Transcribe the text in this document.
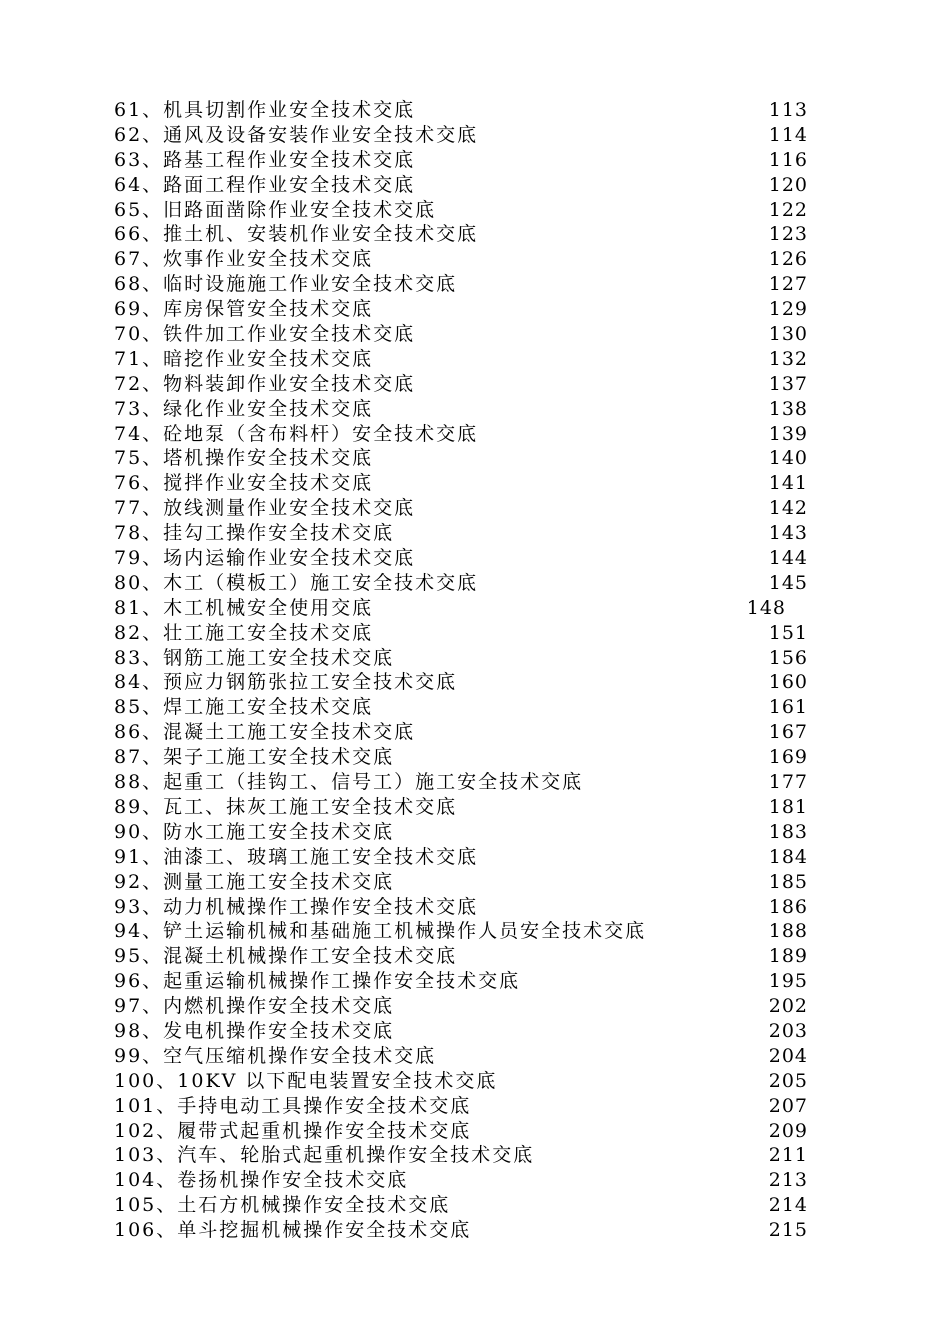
61、机具切割作业安全技术交底	113
62、通风及设备安装作业安全技术交底	114
63、路基工程作业安全技术交底	116
64、路面工程作业安全技术交底	120
65、旧路面凿除作业安全技术交底	122
66、推土机、安装机作业安全技术交底	123
67、炊事作业安全技术交底	126
68、临时设施施工作业安全技术交底	127
69、库房保管安全技术交底	129
70、铁件加工作业安全技术交底	130
71、暗挖作业安全技术交底	132
72、物料装卸作业安全技术交底	137
73、绿化作业安全技术交底	138
74、砼地泵（含布料杆）安全技术交底	139
75、塔机操作安全技术交底	140
76、搅拌作业安全技术交底	141
77、放线测量作业安全技术交底	142
78、挂勾工操作安全技术交底	143
79、场内运输作业安全技术交底	144
80、木工（模板工）施工安全技术交底	145
81、木工机械安全使用交底	148
82、壮工施工安全技术交底	151
83、钢筋工施工安全技术交底	156
84、预应力钢筋张拉工安全技术交底	160
85、焊工施工安全技术交底	161
86、混凝土工施工安全技术交底	167
87、架子工施工安全技术交底	169
88、起重工（挂钩工、信号工）施工安全技术交底	177
89、瓦工、抹灰工施工安全技术交底	181
90、防水工施工安全技术交底	183
91、油漆工、玻璃工施工安全技术交底	184
92、测量工施工安全技术交底	185
93、动力机械操作工操作安全技术交底	186
94、铲土运输机械和基础施工机械操作人员安全技术交底	188
95、混凝土机械操作工安全技术交底	189
96、起重运输机械操作工操作安全技术交底	195
97、内燃机操作安全技术交底	202
98、发电机操作安全技术交底	203
99、空气压缩机操作安全技术交底	204
100、10KV 以下配电装置安全技术交底	205
101、手持电动工具操作安全技术交底	207
102、履带式起重机操作安全技术交底	209
103、汽车、轮胎式起重机操作安全技术交底	211
104、卷扬机操作安全技术交底	213
105、土石方机械操作安全技术交底	214
106、单斗挖掘机械操作安全技术交底	215
